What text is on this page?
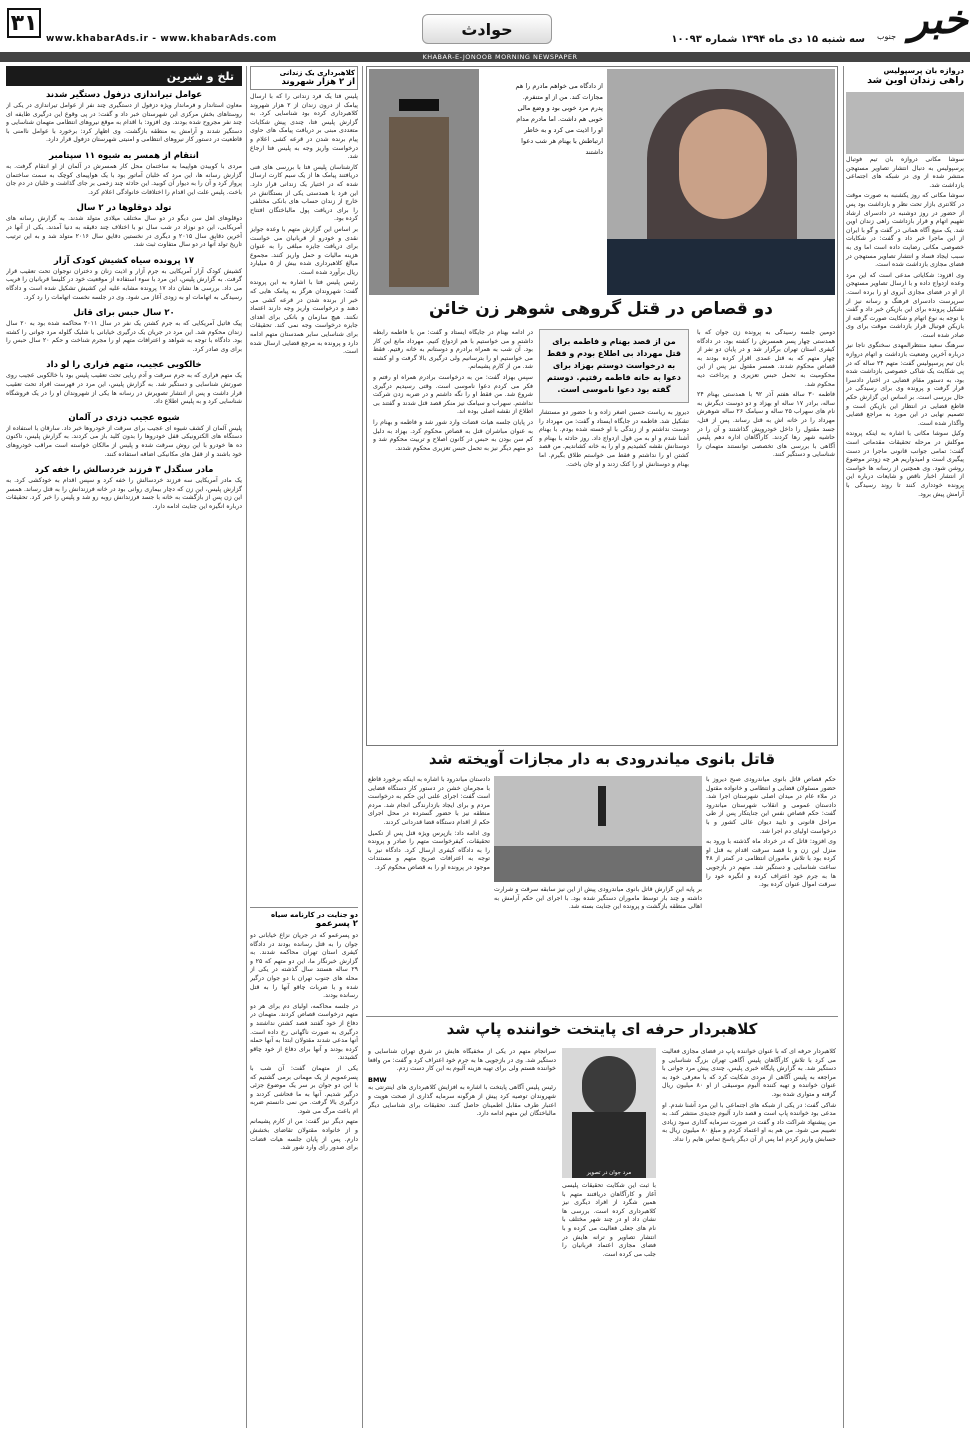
۳۱
www.khabarAds.ir - www.khabarAds.com
حوادث
سه شنبه ۱۵ دی ماه ۱۳۹۴ شماره ۱۰۰۹۳ خبر
جنوب
KHABAR-E-JONOOB MORNING NEWSPAPER
دروازه بان پرسپولیس
راهی زندان اوین شد

سوشا مکانی دروازه بان تیم فوتبال پرسپولیس به دنبال انتشار تصاویر مستهجن منتشر شده از وی در شبکه های اجتماعی بازداشت شد.

سوشا مکانی که روز یکشنبه به صورت موقت در کلانتری بازار تحت نظر و بازداشت بود پس از حضور در روز دوشنبه در دادسرای ارشاد تفهیم اتهام و قرار بازداشت راهی زندان اوین شد. یک منبع آگاه همانی در گفت و گو با ایران از این ماجرا خبر داد و گفت: در شکایات خصوصی مکانی رضایت داده است اما وی به سبب ایجاد فساد و انتشار تصاویر مستهجن در فضای مجازی بازداشت شده است.

وی افزود: شکایاتی مدعی است که این مرد وعده ازدواج داده و با ارسال تصاویر مستهجن از او در فضای مجازی آبروی او را برده است. سرپرست دادسرای فرهنگ و رسانه نیز از تشکیل پرونده برای این بازیکن خبر داد و گفت با توجه به نوع اتهام و شکایت صورت گرفته از بازیکن فوتبال قرار بازداشت موقت برای وی صادر شده است.

سرهنگ سعید منتظرالمهدی سخنگوی ناجا نیز درباره آخرین وضعیت بازداشت و اتهام دروازه بان تیم پرسپولیس گفت: متهم ۲۴ ساله که در پی شکایت یک شاکی خصوصی بازداشت شده بود، به دستور مقام قضایی در اختیار دادسرا قرار گرفت و پرونده وی برای رسیدگی در حال بررسی است. بر اساس این گزارش حکم قاطع قضایی در انتظار این بازیکن است و تصمیم نهایی در این مورد به مراجع قضایی واگذار شده است.

وکیل سوشا مکانی با اشاره به اینکه پرونده موکلش در مرحله تحقیقات مقدماتی است گفت: تمامی جوانب قانونی ماجرا در دست پیگیری است و امیدواریم هر چه زودتر موضوع روشن شود. وی همچنین از رسانه ها خواست از انتشار اخبار ناقص و شایعات درباره این پرونده خودداری کنند تا روند رسیدگی با آرامش پیش برود.

از دادگاه می خواهم مادرم را هم
مجازات کند. من از او متنفرم.
پدرم مرد خوبی بود و وضع مالی
خوبی هم داشت. اما مادرم مدام
او را اذیت می کرد و به خاطر
ارتباطش با بهنام هر شب دعوا
داشتند
دو قصاص در قتل گروهی شوهر زن خائن

دومین جلسه رسیدگی به پرونده زن جوان که با همدستی چهار پسر همسرش را کشته بود، در دادگاه کیفری استان تهران برگزار شد و در پایان دو نفر از چهار متهم که به قتل عمدی اقرار کرده بودند به قصاص محکوم شدند. همسر مقتول نیز پس از این محکومیت به تحمل حبس تعزیری و پرداخت دیه محکوم شد.

فاطمه ۳۰ ساله هفتم آذر ۹۲ با همدستی بهنام ۲۴ ساله، برادر ۱۷ ساله او بهزاد و دو دوست دیگرش به نام های سهراب ۲۵ ساله و سیامک ۲۶ ساله شوهرش مهرداد را در خانه اش به قتل رساند. پس از قتل، جسد مقتول را داخل خودرویش گذاشتند و آن را در حاشیه شهر رها کردند. کارآگاهان اداره دهم پلیس آگاهی با بررسی های تخصصی توانستند متهمان را شناسایی و دستگیر کنند.

من از قصد بهنام و فاطمه برای قتل مهرداد بی اطلاع بودم و فقط به درخواست دوستم بهزاد برای دعوا به خانه فاطمه رفتیم. دوستم گفته بود دعوا ناموسی است.

دیروز به ریاست حسین اصغر زاده و با حضور دو مستشار تشکیل شد. فاطمه در جایگاه ایستاد و گفت: من مهرداد را دوست نداشتم و از زندگی با او خسته شده بودم. با بهنام آشنا شدم و او به من قول ازدواج داد. روز حادثه با بهنام و دوستانش نقشه کشیدیم و او را به خانه کشاندیم. من قصد کشتن او را نداشتم و فقط می خواستم طلاق بگیرم. اما بهنام و دوستانش او را کتک زدند و او جان باخت.

در ادامه بهنام در جایگاه ایستاد و گفت: من با فاطمه رابطه داشتم و می خواستیم با هم ازدواج کنیم. مهرداد مانع این کار بود. آن شب به همراه برادرم و دوستانم به خانه رفتیم. فقط می خواستیم او را بترسانیم ولی درگیری بالا گرفت و او کشته شد. من از کارم پشیمانم.

سپس بهزاد گفت: من به درخواست برادرم همراه او رفتم و فکر می کردم دعوا ناموسی است. وقتی رسیدیم درگیری شروع شد. من فقط او را نگه داشتم و در ضربه زدن شرکت نداشتم. سهراب و سیامک نیز منکر قصد قتل شدند و گفتند بی اطلاع از نقشه اصلی بوده اند.

در پایان جلسه هیات قضات وارد شور شد و فاطمه و بهنام را به عنوان مباشران قتل به قصاص محکوم کرد. بهزاد به دلیل کم سن بودن به حبس در کانون اصلاح و تربیت محکوم شد و دو متهم دیگر نیز به تحمل حبس تعزیری محکوم شدند.

قاتل بانوی میاندرودی به دار مجازات آویخته شد

حکم قصاص قاتل بانوی میاندرودی صبح دیروز با حضور مسئولان قضایی و انتظامی و خانواده مقتول در ملاء عام در میدان اصلی شهرستان اجرا شد. دادستان عمومی و انقلاب شهرستان میاندرود گفت: حکم قصاص نفس این جنایتکار پس از طی مراحل قانونی و تایید دیوان عالی کشور و با درخواست اولیای دم اجرا شد.

وی افزود: قاتل که در خرداد ماه گذشته با ورود به منزل این زن و با قصد سرقت اقدام به قتل او کرده بود با تلاش ماموران انتظامی در کمتر از ۴۸ ساعت شناسایی و دستگیر شد. متهم در بازجویی ها به جرم خود اعتراف کرده و انگیزه خود را سرقت اموال عنوان کرده بود.

دادستان میاندرود با اشاره به اینکه برخورد قاطع با مجرمان خشن در دستور کار دستگاه قضایی است گفت: اجرای علنی این حکم به درخواست مردم و برای ایجاد بازدارندگی انجام شد. مردم منطقه نیز با حضور گسترده در محل اجرای حکم از اقدام دستگاه قضا قدردانی کردند.

وی ادامه داد: بازپرس ویژه قتل پس از تکمیل تحقیقات، کیفرخواست متهم را صادر و پرونده را به دادگاه کیفری ارسال کرد. دادگاه نیز با توجه به اعترافات صریح متهم و مستندات موجود در پرونده او را به قصاص محکوم کرد.

بر پایه این گزارش قاتل بانوی میاندرودی پیش از این نیز سابقه سرقت و شرارت داشته و چند بار توسط ماموران دستگیر شده بود. با اجرای این حکم آرامش به اهالی منطقه بازگشت و پرونده این جنایت بسته شد.

کلاهبردار حرفه ای پایتخت خواننده پاپ شد
مرد جوان در تصویر

کلاهبردار حرفه ای که با عنوان خواننده پاپ در فضای مجازی فعالیت می کرد با تلاش کارآگاهان پلیس آگاهی تهران بزرگ شناسایی و دستگیر شد. به گزارش پایگاه خبری پلیس، چندی پیش مرد جوانی با مراجعه به پلیس آگاهی از مردی شکایت کرد که با معرفی خود به عنوان خواننده و تهیه کننده آلبوم موسیقی از او ۸۰ میلیون ریال گرفته و متواری شده بود.

شاکی گفت: در یکی از شبکه های اجتماعی با این مرد آشنا شدم. او مدعی بود خواننده پاپ است و قصد دارد آلبوم جدیدی منتشر کند. به من پیشنهاد شراکت داد و گفت در صورت سرمایه گذاری سود زیادی نصیبم می شود. من هم به او اعتماد کردم و مبلغ ۸۰ میلیون ریال به حسابش واریز کردم اما پس از آن دیگر پاسخ تماس هایم را نداد.

با ثبت این شکایت تحقیقات پلیسی آغاز و کارآگاهان دریافتند متهم با همین شگرد از افراد دیگری نیز کلاهبرداری کرده است. بررسی ها نشان داد او در چند شهر مختلف با نام های جعلی فعالیت می کرده و با انتشار تصاویر و ترانه هایش در فضای مجازی اعتماد قربانیان را جلب می کرده است.

سرانجام متهم در یکی از مخفیگاه هایش در شرق تهران شناسایی و دستگیر شد. وی در بازجویی ها به جرم خود اعتراف کرد و گفت: من واقعا خواننده هستم ولی برای تهیه هزینه آلبوم به این کار دست زدم.

BMW

رئیس پلیس آگاهی پایتخت با اشاره به افزایش کلاهبرداری های اینترنتی به شهروندان توصیه کرد پیش از هرگونه سرمایه گذاری از صحت هویت و اعتبار طرف مقابل اطمینان حاصل کنند. تحقیقات برای شناسایی دیگر مالباختگان این متهم ادامه دارد.

کلاهبرداری یک زندانی
از ۲ هزار شهروند

پلیس فتا یک فرد زندانی را که با ارسال پیامک از درون زندان از ۲ هزار شهروند کلاهبرداری کرده بود شناسایی کرد. به گزارش پلیس فتا، چندی پیش شکایات متعددی مبنی بر دریافت پیامک های حاوی پیام برنده شدن در قرعه کشی اعلام و درخواست واریز وجه به پلیس فتا ارجاع شد.

کارشناسان پلیس فتا با بررسی های فنی دریافتند پیامک ها از یک سیم کارت ارسال شده که در اختیار یک زندانی قرار دارد. این فرد با همدستی یکی از بستگانش در خارج از زندان حساب های بانکی مختلفی را برای دریافت پول مالباختگان افتتاح کرده بود.

بر اساس این گزارش متهم با وعده جوایز نقدی و خودرو از قربانیان می خواست برای دریافت جایزه مبلغی را به عنوان هزینه مالیات و حمل واریز کنند. مجموع مبالغ کلاهبرداری شده بیش از ۵ میلیارد ریال برآورد شده است.

رئیس پلیس فتا با اشاره به این پرونده گفت: شهروندان هرگز به پیامک هایی که خبر از برنده شدن در قرعه کشی می دهند و درخواست واریز وجه دارند اعتماد نکنند. هیچ سازمان و بانکی برای اهدای جایزه درخواست وجه نمی کند. تحقیقات برای شناسایی سایر همدستان متهم ادامه دارد و پرونده به مرجع قضایی ارسال شده است.

دو جنایت در کارنامه سیاه
۲ پسرعمو

دو پسرعمو که در جریان نزاع خیابانی دو جوان را به قتل رسانده بودند در دادگاه کیفری استان تهران محاکمه شدند. به گزارش خبرنگار ما، این دو متهم که ۲۵ و ۲۹ ساله هستند سال گذشته در یکی از محله های جنوب تهران با دو جوان درگیر شده و با ضربات چاقو آنها را به قتل رسانده بودند.

در جلسه محاکمه، اولیای دم برای هر دو متهم درخواست قصاص کردند. متهمان در دفاع از خود گفتند قصد کشتن نداشتند و درگیری به صورت ناگهانی رخ داده است. آنها مدعی شدند مقتولان ابتدا به آنها حمله کرده بودند و آنها برای دفاع از خود چاقو کشیدند.

یکی از متهمان گفت: آن شب با پسرعمویم از یک مهمانی برمی گشتیم که با این دو جوان بر سر یک موضوع جزئی درگیر شدیم. آنها به ما فحاشی کردند و درگیری بالا گرفت. من نمی دانستم ضربه ام باعث مرگ می شود.

متهم دیگر نیز گفت: من از کارم پشیمانم و از خانواده مقتولان تقاضای بخشش دارم. پس از پایان جلسه هیات قضات برای صدور رای وارد شور شد.

تلخ و شیرین
عوامل تیراندازی دزفول دستگیر شدند
معاون استاندار و فرماندار ویژه دزفول از دستگیری چند نفر از عوامل تیراندازی در یکی از روستاهای بخش مرکزی این شهرستان خبر داد و گفت: در پی وقوع این درگیری طایفه ای چند نفر مجروح شده بودند. وی افزود: با اقدام به موقع نیروهای انتظامی متهمان شناسایی و دستگیر شدند و آرامش به منطقه بازگشت. وی اظهار کرد: برخورد با عوامل ناامنی با قاطعیت در دستور کار نیروهای انتظامی و امنیتی شهرستان دزفول قرار دارد.
انتقام از همسر به شیوه ۱۱ سپتامبر
مردی با کوبیدن هواپیما به ساختمان محل کار همسرش در آلمان از او انتقام گرفت. به گزارش رسانه ها، این مرد که خلبان آماتور بود با یک هواپیمای کوچک به سمت ساختمان پرواز کرد و آن را به دیوار آن کوبید. این حادثه چند زخمی بر جای گذاشت و خلبان در دم جان باخت. پلیس علت این اقدام را اختلافات خانوادگی اعلام کرد.
تولد دوقلوها در ۲ سال
دوقلوهای اهل سن دیگو در دو سال مختلف میلادی متولد شدند. به گزارش رسانه های آمریکایی، این دو نوزاد در شب سال نو با اختلاف چند دقیقه به دنیا آمدند. یکی از آنها در آخرین دقایق سال ۲۰۱۵ و دیگری در نخستین دقایق سال ۲۰۱۶ متولد شد و به این ترتیب تاریخ تولد آنها در دو سال متفاوت ثبت شد.
۱۷ پرونده سیاه کشیش کودک آزار
کشیش کودک آزار آمریکایی به جرم آزار و اذیت زنان و دختران نوجوان تحت تعقیب قرار گرفت. به گزارش پلیس، این مرد با سوء استفاده از موقعیت خود در کلیسا قربانیان را فریب می داد. بررسی ها نشان داد ۱۷ پرونده مشابه علیه این کشیش تشکیل شده است و دادگاه رسیدگی به اتهامات او به زودی آغاز می شود. وی در جلسه نخست اتهامات را رد کرد.
۲۰ سال حبس برای قاتل
پیک فاتیل آمریکایی که به جرم کشتن یک نفر در سال ۲۰۱۱ محاکمه شده بود به ۲۰ سال زندان محکوم شد. این مرد در جریان یک درگیری خیابانی با شلیک گلوله مرد جوانی را کشته بود. دادگاه با توجه به شواهد و اعترافات متهم او را مجرم شناخت و حکم ۲۰ سال حبس را برای وی صادر کرد.
خالکوبی عجیب، متهم فراری را لو داد
یک متهم فراری که به جرم سرقت و آدم ربایی تحت تعقیب پلیس بود با خالکوبی عجیب روی صورتش شناسایی و دستگیر شد. به گزارش پلیس، این مرد در فهرست افراد تحت تعقیب قرار داشت و پس از انتشار تصویرش در رسانه ها یکی از شهروندان او را در یک فروشگاه شناسایی کرد و به پلیس اطلاع داد.
شیوه عجیب دزدی در آلمان
پلیس آلمان از کشف شیوه ای عجیب برای سرقت از خودروها خبر داد. سارقان با استفاده از دستگاه های الکترونیکی قفل خودروها را بدون کلید باز می کردند. به گزارش پلیس، تاکنون ده ها خودرو با این روش سرقت شده و پلیس از مالکان خواسته است مراقب خودروهای خود باشند و از قفل های مکانیکی اضافه استفاده کنند.
مادر سنگدل ۳ فرزند خردسالش را خفه کرد
یک مادر آمریکایی سه فرزند خردسالش را خفه کرد و سپس اقدام به خودکشی کرد. به گزارش پلیس، این زن که دچار بیماری روانی بود در خانه فرزندانش را به قتل رساند. همسر این زن پس از بازگشت به خانه با جسد فرزندانش روبه رو شد و پلیس را خبر کرد. تحقیقات درباره انگیزه این جنایت ادامه دارد.
